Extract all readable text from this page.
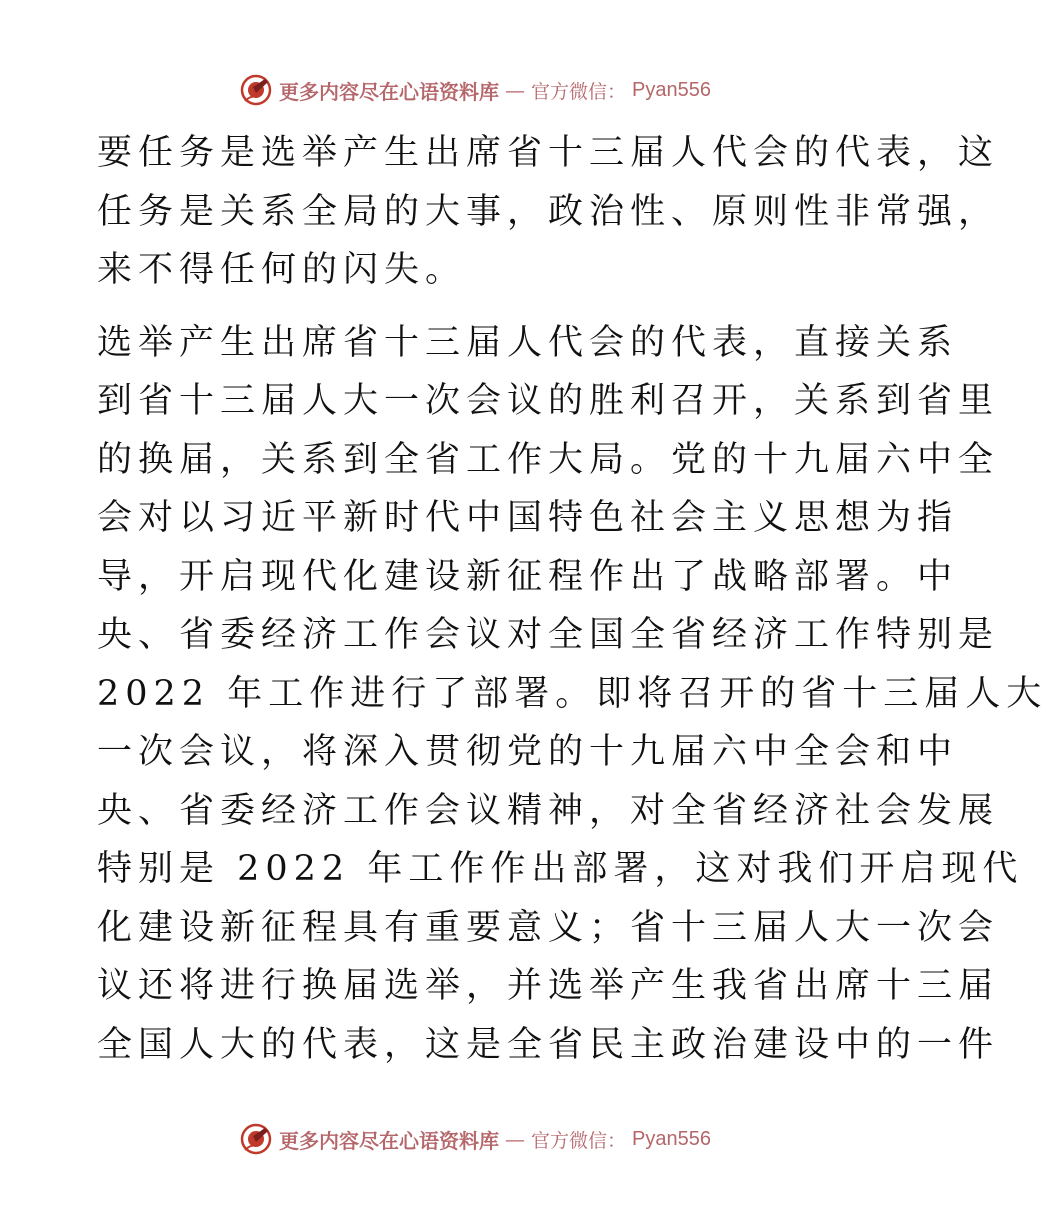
更多内容尽在心语资料库 — 官方微信： Pyan556
要任务是选举产生出席省十三届人代会的代表，这
任务是关系全局的大事，政治性、原则性非常强，
来不得任何的闪失。
选举产生出席省十三届人代会的代表，直接关系
到省十三届人大一次会议的胜利召开，关系到省里
的换届，关系到全省工作大局。党的十九届六中全
会对以习近平新时代中国特色社会主义思想为指
导，开启现代化建设新征程作出了战略部署。中
央、省委经济工作会议对全国全省经济工作特别是
2022 年工作进行了部署。即将召开的省十三届人大
一次会议，将深入贯彻党的十九届六中全会和中
央、省委经济工作会议精神，对全省经济社会发展
特别是 2022 年工作作出部署，这对我们开启现代
化建设新征程具有重要意义；省十三届人大一次会
议还将进行换届选举，并选举产生我省出席十三届
全国人大的代表，这是全省民主政治建设中的一件
更多内容尽在心语资料库 — 官方微信： Pyan556
